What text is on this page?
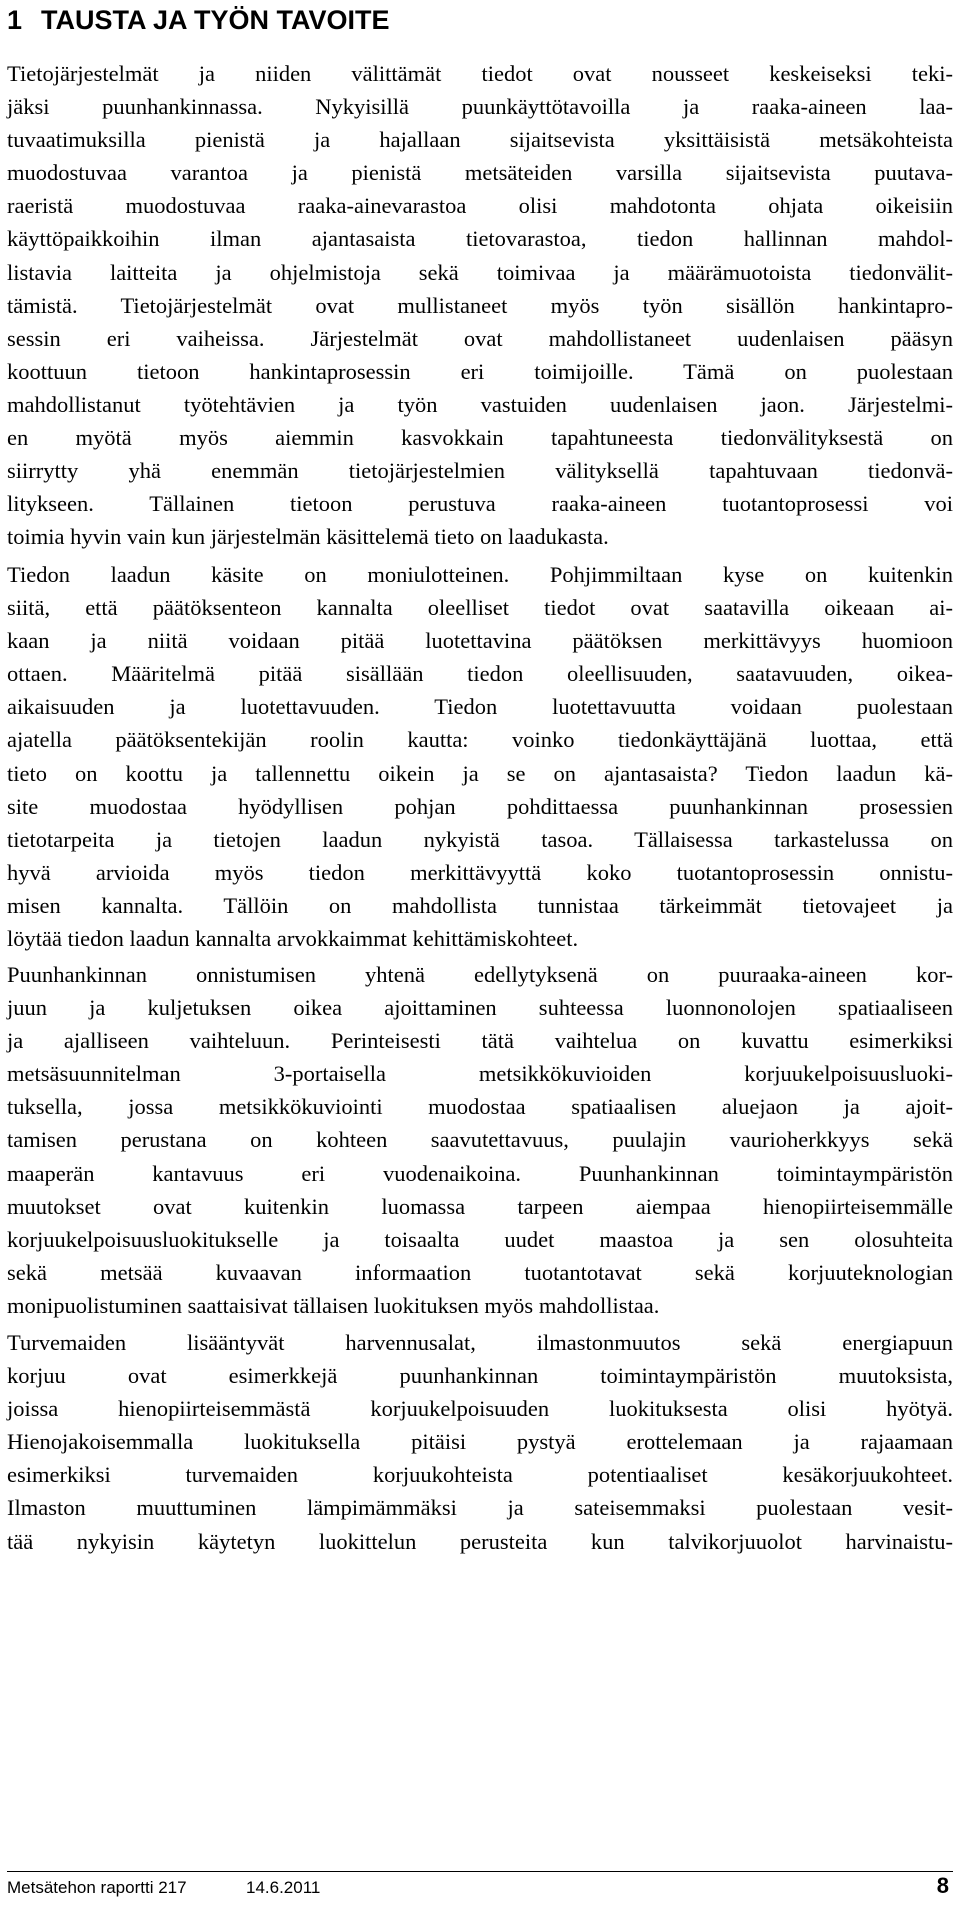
1 TAUSTA JA TYÖN TAVOITE
Tietojärjestelmät ja niiden välittämät tiedot ovat nousseet keskeiseksi teki-
jäksi puunhankinnassa. Nykyisillä puunkäyttötavoilla ja raaka-aineen laa-
tuvaatimuksilla pienistä ja hajallaan sijaitsevista yksittäisistä metsäkohteista
muodostuvaa varantoa ja pienistä metsäteiden varsilla sijaitsevista puutava-
raeristä muodostuvaa raaka-ainevarastoa olisi mahdotonta ohjata oikeisiin
käyttöpaikkoihin ilman ajantasaista tietovarastoa, tiedon hallinnan mahdol-
listavia laitteita ja ohjelmistoja sekä toimivaa ja määrämuotoista tiedonvälit-
tämistä. Tietojärjestelmät ovat mullistaneet myös työn sisällön hankintapro-
sessin eri vaiheissa. Järjestelmät ovat mahdollistaneet uudenlaisen pääsyn
koottuun tietoon hankintaprosessin eri toimijoille. Tämä on puolestaan
mahdollistanut työtehtävien ja työn vastuiden uudenlaisen jaon. Järjestelmi-
en myötä myös aiemmin kasvokkain tapahtuneesta tiedonvälityksestä on
siirrytty yhä enemmän tietojärjestelmien välityksellä tapahtuvaan tiedonvä-
litykseen. Tällainen tietoon perustuva raaka-aineen tuotantoprosessi voi
toimia hyvin vain kun järjestelmän käsittelemä tieto on laadukasta.
Tiedon laadun käsite on moniulotteinen. Pohjimmiltaan kyse on kuitenkin
siitä, että päätöksenteon kannalta oleelliset tiedot ovat saatavilla oikeaan ai-
kaan ja niitä voidaan pitää luotettavina päätöksen merkittävyys huomioon
ottaen. Määritelmä pitää sisällään tiedon oleellisuuden, saatavuuden, oikea-
aikaisuuden ja luotettavuuden. Tiedon luotettavuutta voidaan puolestaan
ajatella päätöksentekijän roolin kautta: voinko tiedonkäyttäjänä luottaa, että
tieto on koottu ja tallennettu oikein ja se on ajantasaista? Tiedon laadun kä-
site muodostaa hyödyllisen pohjan pohdittaessa puunhankinnan prosessien
tietotarpeita ja tietojen laadun nykyistä tasoa. Tällaisessa tarkastelussa on
hyvä arvioida myös tiedon merkittävyyttä koko tuotantoprosessin onnistu-
misen kannalta. Tällöin on mahdollista tunnistaa tärkeimmät tietovajeet ja
löytää tiedon laadun kannalta arvokkaimmat kehittämiskohteet.
Puunhankinnan onnistumisen yhtenä edellytyksenä on puuraaka-aineen kor-
juun ja kuljetuksen oikea ajoittaminen suhteessa luonnonolojen spatiaaliseen
ja ajalliseen vaihteluun. Perinteisesti tätä vaihtelua on kuvattu esimerkiksi
metsäsuunnitelman 3-portaisella metsikkökuvioiden korjuukelpoisuusluoki-
tuksella, jossa metsikkökuviointi muodostaa spatiaalisen aluejaon ja ajoit-
tamisen perustana on kohteen saavutettavuus, puulajin vaurioherkkyys sekä
maaperän kantavuus eri vuodenaikoina. Puunhankinnan toimintaympäristön
muutokset ovat kuitenkin luomassa tarpeen aiempaa hienopiirteisemmälle
korjuukelpoisuusluokitukselle ja toisaalta uudet maastoa ja sen olosuhteita
sekä metsää kuvaavan informaation tuotantotavat sekä korjuuteknologian
monipuolistuminen saattaisivat tällaisen luokituksen myös mahdollistaa.
Turvemaiden lisääntyvät harvennusalat, ilmastonmuutos sekä energiapuun
korjuu ovat esimerkkejä puunhankinnan toimintaympäristön muutoksista,
joissa hienopiirteisemmästä korjuukelpoisuuden luokituksesta olisi hyötyä.
Hienojakoisemmalla luokituksella pitäisi pystyä erottelemaan ja rajaamaan
esimerkiksi turvemaiden korjuukohteista potentiaaliset kesäkorjuukohteet.
Ilmaston muuttuminen lämpimämmäksi ja sateisemmaksi puolestaan vesit-
tää nykyisin käytetyn luokittelun perusteita kun talvikorjuuolot harvinaistu-
Metsätehon raportti 217	14.6.2011	8
